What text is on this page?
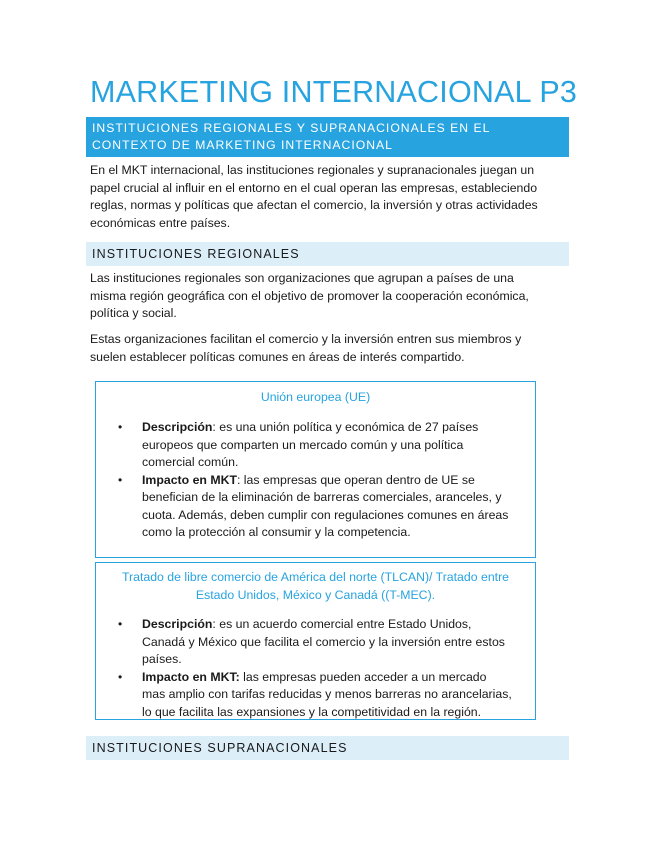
MARKETING INTERNACIONAL P3
INSTITUCIONES REGIONALES Y SUPRANACIONALES EN EL
CONTEXTO DE MARKETING INTERNACIONAL
En el MKT internacional, las instituciones regionales y supranacionales juegan un
papel crucial al influir en el entorno en el cual operan las empresas, estableciendo
reglas, normas y políticas que afectan el comercio, la inversión y otras actividades
económicas entre países.
INSTITUCIONES REGIONALES
Las instituciones regionales son organizaciones que agrupan a países de una
misma región geográfica con el objetivo de promover la cooperación económica,
política y social.
Estas organizaciones facilitan el comercio y la inversión entren sus miembros y
suelen establecer políticas comunes en áreas de interés compartido.
Unión europea (UE)
• Descripción: es una unión política y económica de 27 países
europeos que comparten un mercado común y una política
comercial común.
• Impacto en MKT: las empresas que operan dentro de UE se
benefician de la eliminación de barreras comerciales, aranceles, y
cuota. Además, deben cumplir con regulaciones comunes en áreas
como la protección al consumir y la competencia.
Tratado de libre comercio de América del norte (TLCAN)/ Tratado entre
Estado Unidos, México y Canadá ((T-MEC).
• Descripción: es un acuerdo comercial entre Estado Unidos,
Canadá y México que facilita el comercio y la inversión entre estos
países.
• Impacto en MKT: las empresas pueden acceder a un mercado
mas amplio con tarifas reducidas y menos barreras no arancelarias,
lo que facilita las expansiones y la competitividad en la región.
INSTITUCIONES SUPRANACIONALES
